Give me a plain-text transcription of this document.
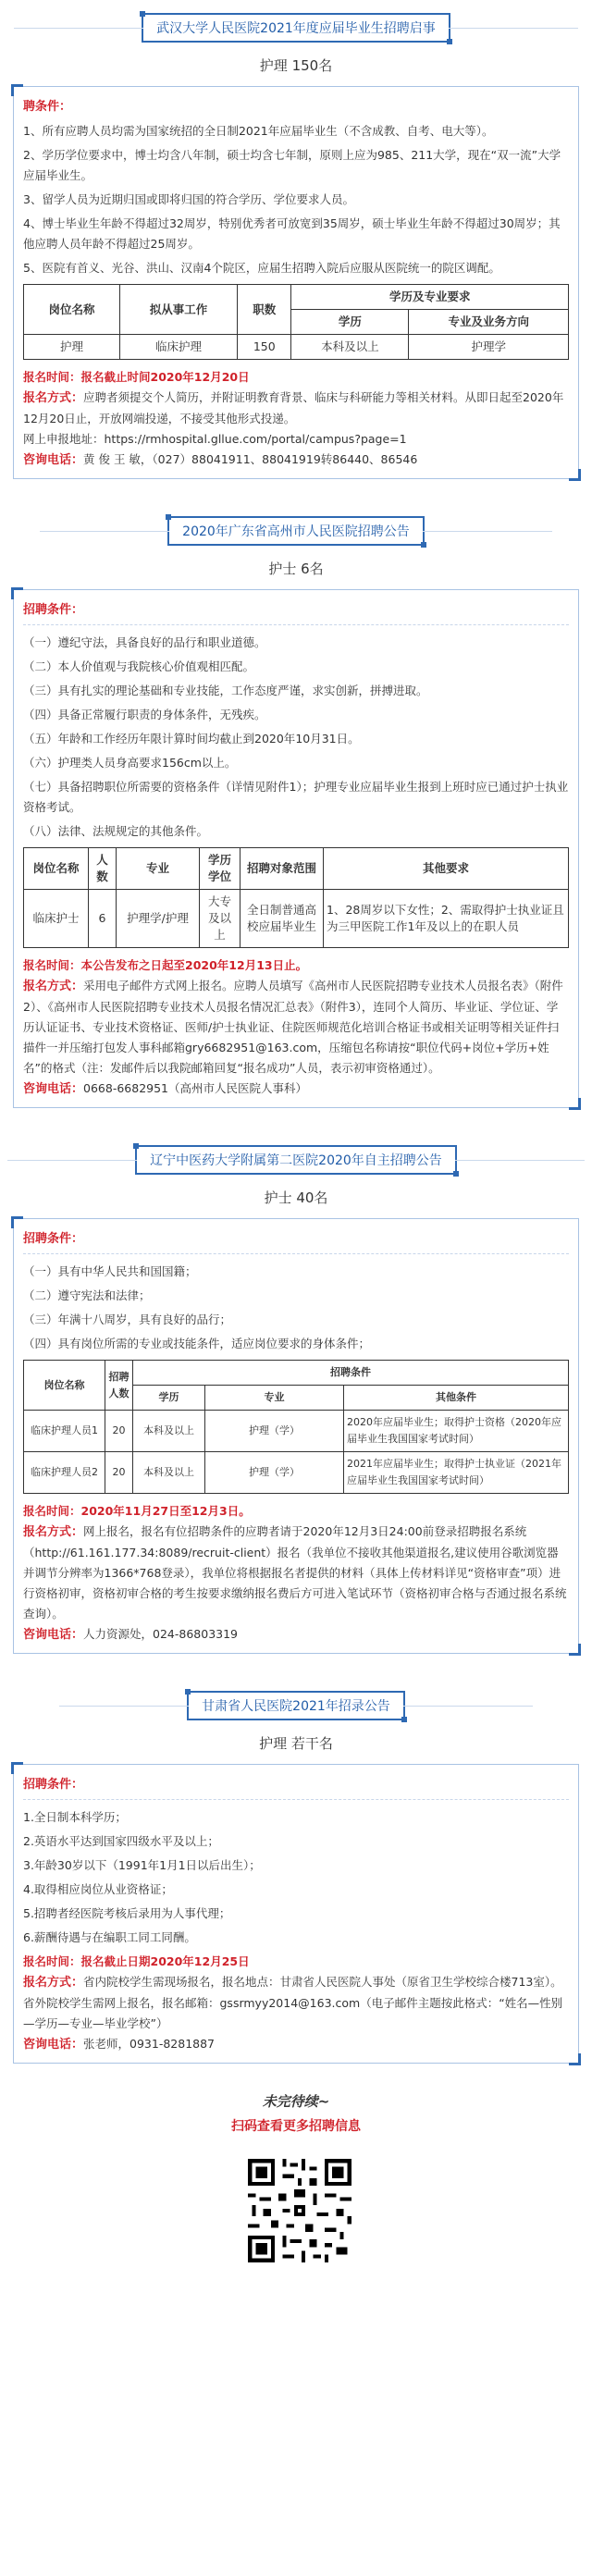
武汉大学人民医院2021年度应届毕业生招聘启事
护理 150名
聘条件：
1、所有应聘人员均需为国家统招的全日制2021年应届毕业生（不含成教、自考、电大等）。
2、学历学位要求中，博士均含八年制，硕士均含七年制，原则上应为985、211大学，现在“双一流”大学应届毕业生。
3、留学人员为近期归国或即将归国的符合学历、学位要求人员。
4、博士毕业生年龄不得超过32周岁，特别优秀者可放宽到35周岁，硕士毕业生年龄不得超过30周岁；其他应聘人员年龄不得超过25周岁。
5、医院有首义、光谷、洪山、汉南4个院区，应届生招聘入院后应服从医院统一的院区调配。
岗位名称	拟从事工作	职数	学历及专业要求	
			学历	专业及业务方向
护理	临床护理	150	本科及以上	护理学
报名时间：报名截止时间2020年12月20日
报名方式：应聘者须提交个人简历，并附证明教育背景、临床与科研能力等相关材料。从即日起至2020年12月20日止，开放网端投递，不接受其他形式投递。
网上申报地址：https://rmhospital.gllue.com/portal/campus?page=1
咨询电话：黄 俊 王 敏，（027）88041911、88041919转86440、86546
2020年广东省高州市人民医院招聘公告
护士 6名
招聘条件：
（一）遵纪守法，具备良好的品行和职业道德。
（二）本人价值观与我院核心价值观相匹配。
（三）具有扎实的理论基础和专业技能，工作态度严谨，求实创新，拼搏进取。
（四）具备正常履行职责的身体条件，无残疾。
（五）年龄和工作经历年限计算时间均截止到2020年10月31日。
（六）护理类人员身高要求156cm以上。
（七）具备招聘职位所需要的资格条件（详情见附件1）；护理专业应届毕业生报到上班时应已通过护士执业资格考试。
（八）法律、法规规定的其他条件。
岗位名称	人数	专业	学历学位	招聘对象范围	其他要求
临床护士	6	护理学/护理	大专及以上	全日制普通高校应届毕业生	1、28周岁以下女性；2、需取得护士执业证且为三甲医院工作1年及以上的在职人员
报名时间：本公告发布之日起至2020年12月13日止。
报名方式：采用电子邮件方式网上报名。应聘人员填写《高州市人民医院招聘专业技术人员报名表》（附件2）、《高州市人民医院招聘专业技术人员报名情况汇总表》（附件3），连同个人简历、毕业证、学位证、学历认证证书、专业技术资格证、医师/护士执业证、住院医师规范化培训合格证书或相关证明等相关证件扫描件一并压缩打包发人事科邮箱gry6682951@163.com，压缩包名称请按“职位代码+岗位+学历+姓名”的格式（注：发邮件后以我院邮箱回复“报名成功”人员，表示初审资格通过）。
咨询电话：0668-6682951（高州市人民医院人事科）
辽宁中医药大学附属第二医院2020年自主招聘公告
护士 40名
招聘条件：
（一）具有中华人民共和国国籍；
（二）遵守宪法和法律；
（三）年满十八周岁，具有良好的品行；
（四）具有岗位所需的专业或技能条件，适应岗位要求的身体条件；
岗位名称	招聘人数	招聘条件		
		学历	专业	其他条件
临床护理人员1	20	本科及以上	护理（学）	2020年应届毕业生；取得护士资格（2020年应届毕业生我国国家考试时间）
临床护理人员2	20	本科及以上	护理（学）	2021年应届毕业生；取得护士执业证（2021年应届毕业生我国国家考试时间）
报名时间：2020年11月27日至12月3日。
报名方式：网上报名，报名有位招聘条件的应聘者请于2020年12月3日24:00前登录招聘报名系统（http://61.161.177.34:8089/recruit-client）报名（我单位不接收其他渠道报名,建议使用谷歌浏览器并调节分辨率为1366*768登录），我单位将根据报名者提供的材料（具体上传材料详见“资格审查”项）进行资格初审，资格初审合格的考生按要求缴纳报名费后方可进入笔试环节（资格初审合格与否通过报名系统查询）。
咨询电话：人力资源处，024-86803319
甘肃省人民医院2021年招录公告
护理 若干名
招聘条件：
1.全日制本科学历；
2.英语水平达到国家四级水平及以上；
3.年龄30岁以下（1991年1月1日以后出生）；
4.取得相应岗位从业资格证；
5.招聘者经医院考核后录用为人事代理；
6.薪酬待遇与在编职工同工同酬。
报名时间：报名截止日期2020年12月25日
报名方式：省内院校学生需现场报名，报名地点：甘肃省人民医院人事处（原省卫生学校综合楼713室）。
省外院校学生需网上报名，报名邮箱：gssrmyy2014@163.com（电子邮件主题按此格式：“姓名—性别—学历—专业—毕业学校”）
咨询电话：张老师，0931-8281887
未完待续~
扫码查看更多招聘信息
